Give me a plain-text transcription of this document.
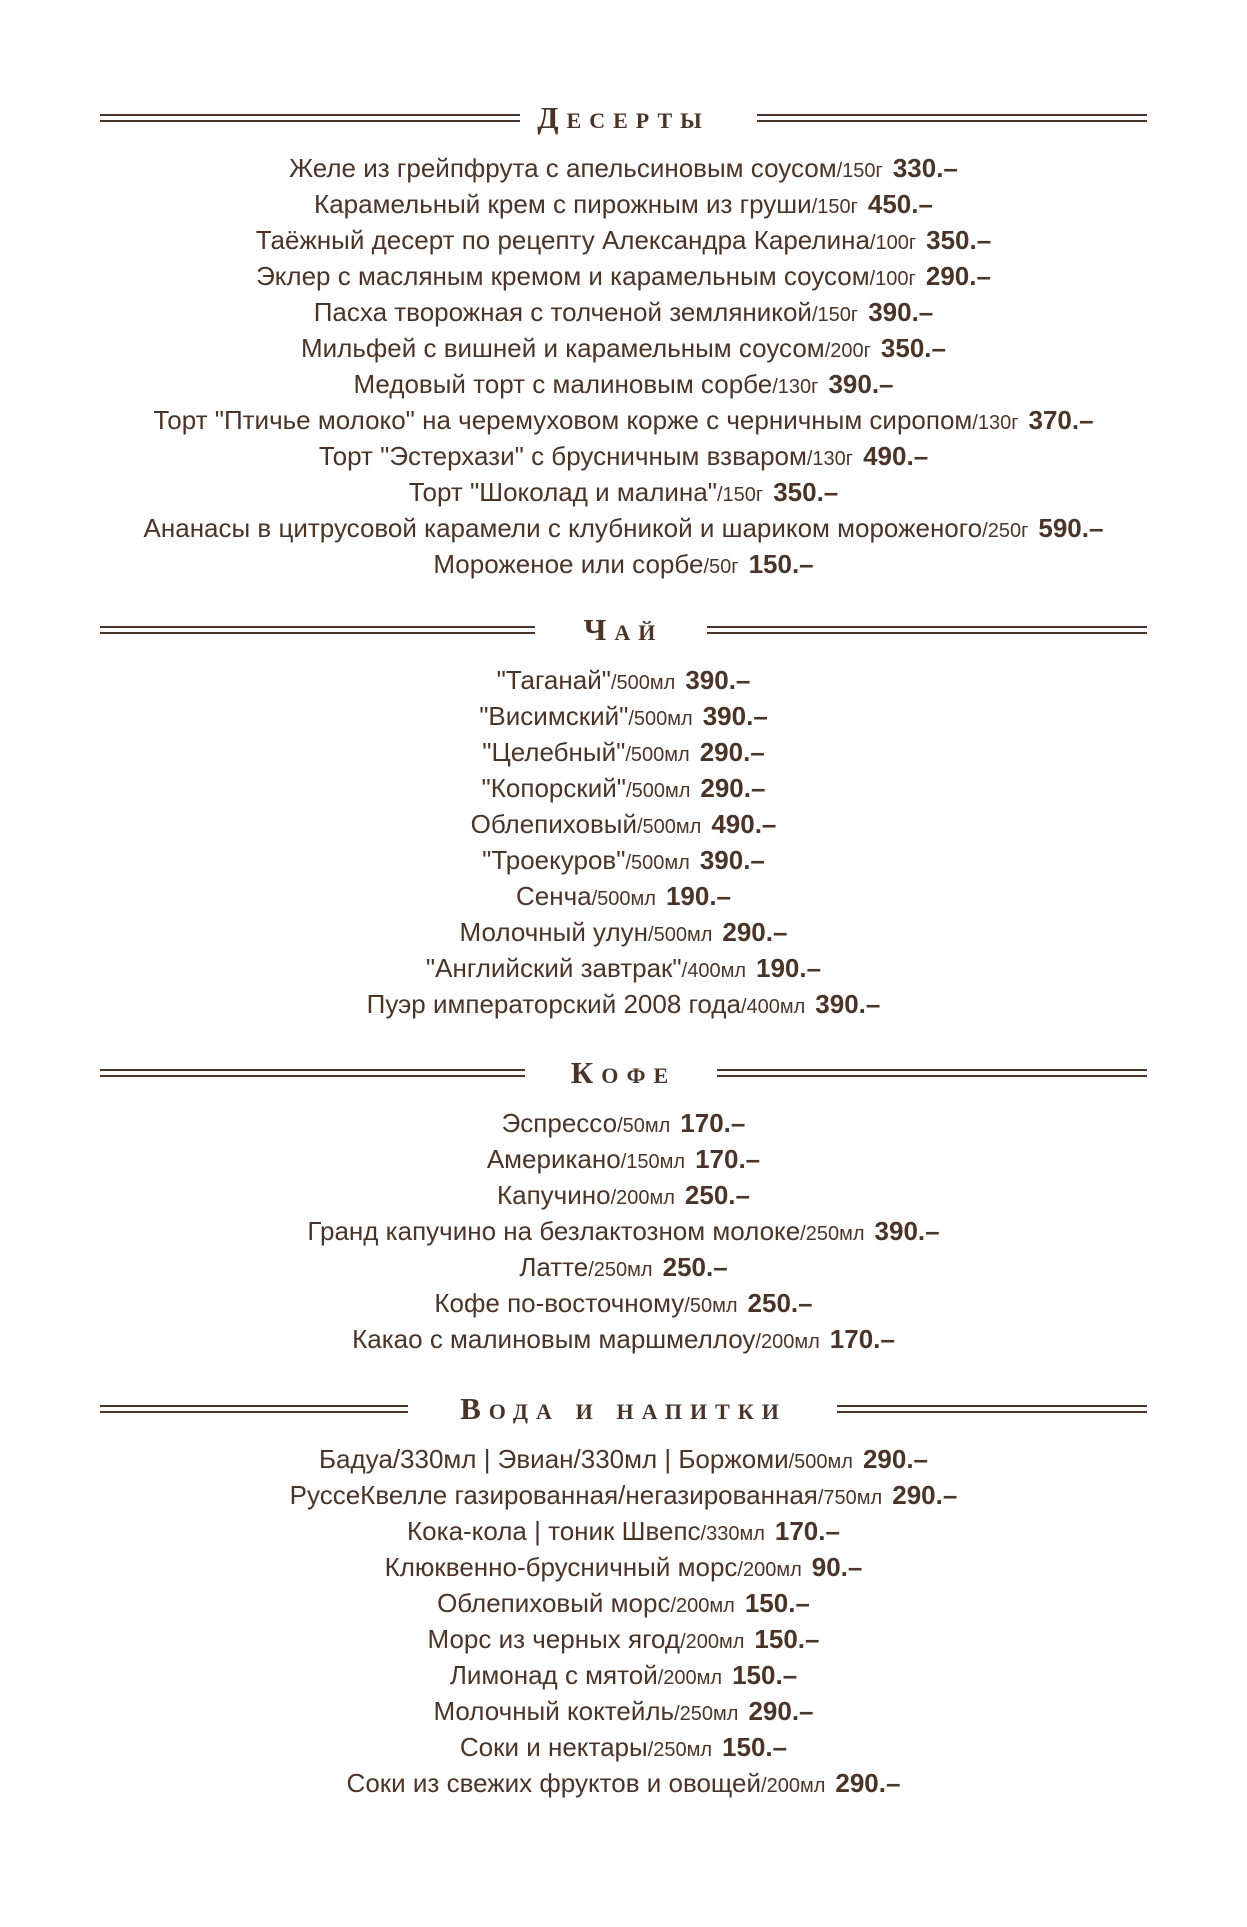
Десерты
Желе из грейпфрута с апельсиновым соусом/150г 330.–
Карамельный крем с пирожным из груши/150г 450.–
Таёжный десерт по рецепту Александра Карелина/100г 350.–
Эклер с масляным кремом и карамельным соусом/100г 290.–
Пасха творожная с толченой земляникой/150г 390.–
Мильфей с вишней и карамельным соусом/200г 350.–
Медовый торт с малиновым сорбе/130г 390.–
Торт "Птичье молоко" на черемуховом корже с черничным сиропом/130г 370.–
Торт "Эстерхази" с брусничным взваром/130г 490.–
Торт "Шоколад и малина"/150г 350.–
Ананасы в цитрусовой карамели с клубникой и шариком мороженого/250г 590.–
Мороженое или сорбе/50г 150.–
Чай
"Таганай"/500мл 390.–
"Висимский"/500мл 390.–
"Целебный"/500мл 290.–
"Копорский"/500мл 290.–
Облепиховый/500мл 490.–
"Троекуров"/500мл 390.–
Сенча/500мл 190.–
Молочный улун/500мл 290.–
"Английский завтрак"/400мл 190.–
Пуэр императорский 2008 года/400мл 390.–
Кофе
Эспрессо/50мл 170.–
Американо/150мл 170.–
Капучино/200мл 250.–
Гранд капучино на безлактозном молоке/250мл 390.–
Латте/250мл 250.–
Кофе по-восточному/50мл 250.–
Какао с малиновым маршмеллоу/200мл 170.–
Вода и напитки
Бадуа/330мл | Эвиан/330мл | Боржоми/500мл 290.–
РуссеКвелле газированная/негазированная/750мл 290.–
Кока-кола | тоник Швепс/330мл 170.–
Клюквенно-брусничный морс/200мл 90.–
Облепиховый морс/200мл 150.–
Морс из черных ягод/200мл 150.–
Лимонад с мятой/200мл 150.–
Молочный коктейль/250мл 290.–
Соки и нектары/250мл 150.–
Соки из свежих фруктов и овощей/200мл 290.–
